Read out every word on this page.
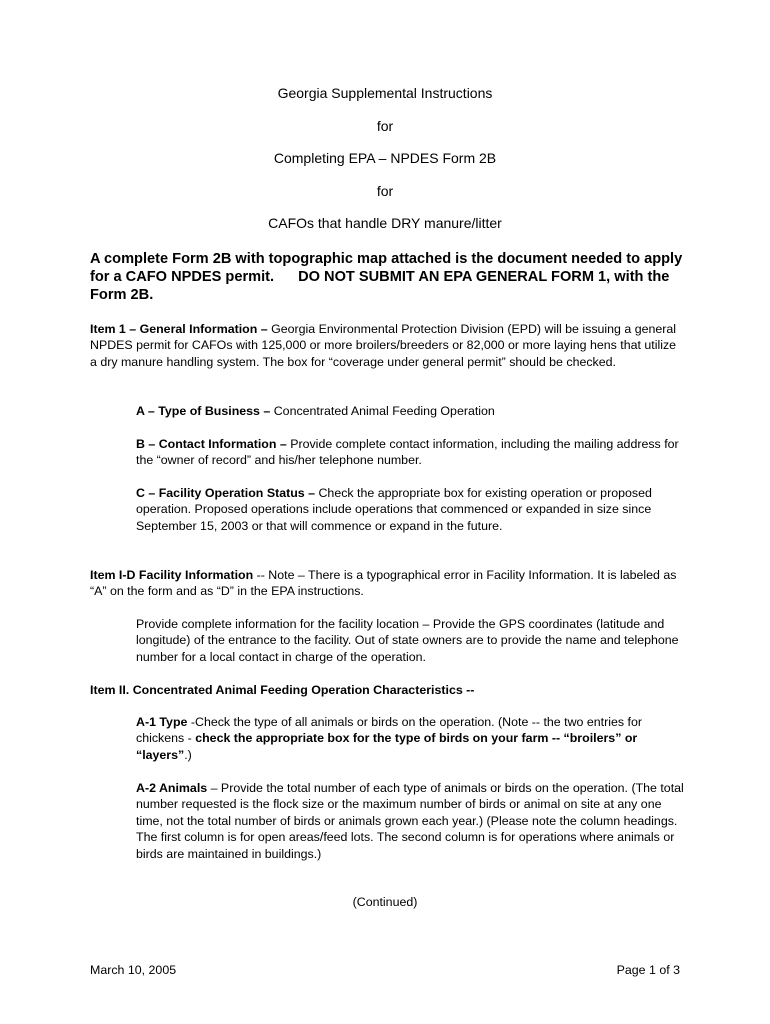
Georgia Supplemental Instructions
for
Completing EPA – NPDES Form 2B
for
CAFOs that handle DRY manure/litter
A complete Form 2B with topographic map attached is the document needed to apply for a CAFO NPDES permit. DO NOT SUBMIT AN EPA GENERAL FORM 1, with the Form 2B.

Item 1 – General Information – Georgia Environmental Protection Division (EPD) will be issuing a general NPDES permit for CAFOs with 125,000 or more broilers/breeders or 82,000 or more laying hens that utilize a dry manure handling system. The box for “coverage under general permit” should be checked.

A – Type of Business – Concentrated Animal Feeding Operation

B – Contact Information – Provide complete contact information, including the mailing address for the “owner of record” and his/her telephone number.

C – Facility Operation Status – Check the appropriate box for existing operation or proposed operation. Proposed operations include operations that commenced or expanded in size since September 15, 2003 or that will commence or expand in the future.

Item I-D Facility Information -- Note – There is a typographical error in Facility Information. It is labeled as “A” on the form and as “D” in the EPA instructions.

Provide complete information for the facility location – Provide the GPS coordinates (latitude and longitude) of the entrance to the facility. Out of state owners are to provide the name and telephone number for a local contact in charge of the operation.

Item II. Concentrated Animal Feeding Operation Characteristics --

A-1 Type -Check the type of all animals or birds on the operation. (Note -- the two entries for chickens - check the appropriate box for the type of birds on your farm -- “broilers” or “layers”.)

A-2 Animals – Provide the total number of each type of animals or birds on the operation. (The total number requested is the flock size or the maximum number of birds or animal on site at any one time, not the total number of birds or animals grown each year.) (Please note the column headings. The first column is for open areas/feed lots. The second column is for operations where animals or birds are maintained in buildings.)

(Continued)
March 10, 2005	Page 1 of 3
